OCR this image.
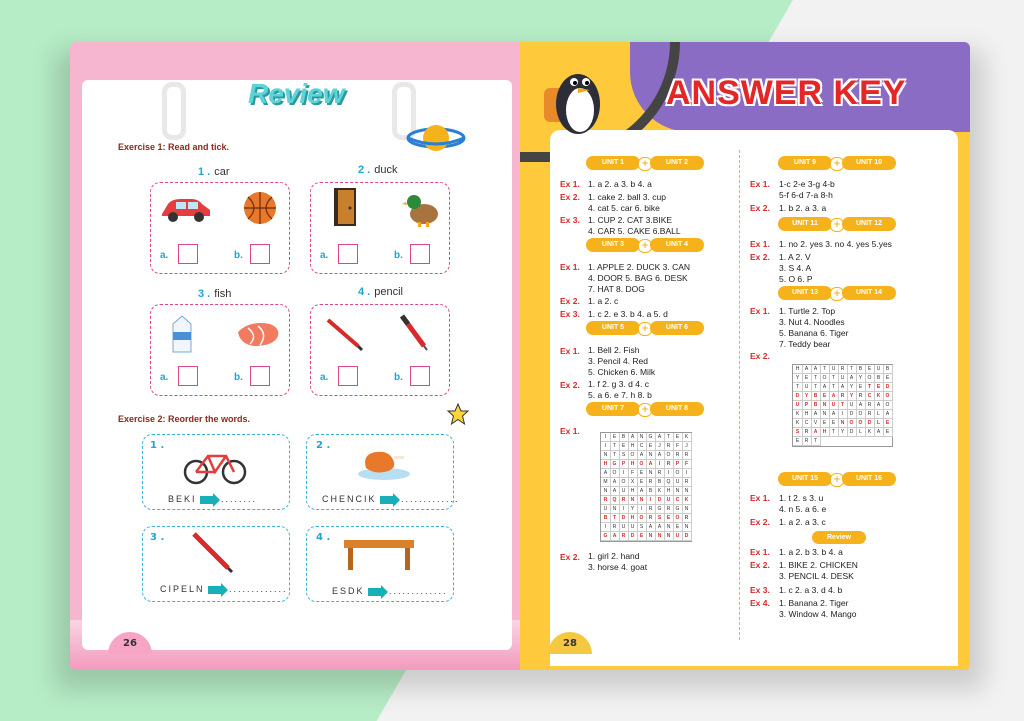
Review
Exercise 1: Read and tick.
1 . car	2 . duck
3 . fish	4 . pencil
a.	b.	a.	b.
a.	b.	a.	b.
Exercise 2: Reorder the words.
1 .	2 .
3 .	4 .
BEKI .........	CHENCIK ..............
CIPELN ..............	ESDK ..............
26
ANSWER KEY
UNIT 1	+	UNIT 2
Ex 1. 1. a 2. a 3. b 4. a
Ex 2. 1. cake 2. ball 3. cup
4. cat 5. car 6. bike
Ex 3. 1. CUP 2. CAT 3.BIKE
4. CAR 5. CAKE 6.BALL
UNIT 3	+	UNIT 4
Ex 1. 1. APPLE 2. DUCK 3. CAN
4. DOOR 5. BAG 6. DESK
7. HAT 8. DOG
Ex 2. 1. a 2. c
Ex 3. 1. c 2. e 3. b 4. a 5. d
UNIT 5	+	UNIT 6
Ex 1. 1. Bell 2. Fish
3. Pencil 4. Red
5. Chicken 6. Milk
Ex 2. 1. f 2. g 3. d 4. c
5. a 6. e 7. h 8. b
UNIT 7	+	UNIT 8
Ex 1.
I	E	B	A	N	G	A	T	E	K
I	T	E	H	C	E	J	R	F	J
N	T	S	O	A	N	A	O	R	R
H	G	P	H	O	A	I	R	P	F
A	O	I	F	E	N	R	I	O	I
M	A	O	X	E	R	B	Q	U	R
N	A	U	H	A	B	K	H	N	N
R	Q	R	N	N	I	D	U	C	K
U	N	I	Y	I	R	G	R	G	N
B	T	D	H	O	R	S	E	O	R
I	R	U	U	S	A	A	N	E	N
G	A	R	D	E	N	N	N	U	D
Ex 2. 1. girl 2. hand
3. horse 4. goat
UNIT 9	+	UNIT 10
Ex 1. 1-c 2-e 3-g 4-b
5-f 6-d 7-a 8-h
Ex 2. 1. b 2. a 3. a
UNIT 11	+	UNIT 12
Ex 1. 1. no 2. yes 3. no 4. yes 5.yes
Ex 2. 1. A 2. V
3. S 4. A
5. O 6. P
UNIT 13	+	UNIT 14
Ex 1. 1. Turtle 2. Top
3. Nut 4. Noodles
5. Banana 6. Tiger
7. Teddy bear
Ex 2.
H	A	A	T	U	R	T	B	E	U	B
Y	E	T	O	T	U	A	Y	O	B	E
T	U	T	A	T	A	Y	E	T	E	D
D	Y	B	E	A	R	Y	R	C	K	O
U	P	B	N	U	T	U	A	R	A	O
K	H	A	N	A	I	D	O	R	L	A
K	C	V	E	E	N	O	O	D	L	E
S	R	A	H	T	Y	D	L	K	A	E
E	R	T
UNIT 15	+	UNIT 16
Ex 1. 1. t 2. s 3. u
4. n 5. a 6. e
Ex 2. 1. a 2. a 3. c
Review
Ex 1. 1. a 2. b 3. b 4. a
Ex 2. 1. BIKE 2. CHICKEN
3. PENCIL 4. DESK
Ex 3. 1. c 2. a 3. d 4. b
Ex 4. 1. Banana 2. Tiger
3. Window 4. Mango
28
